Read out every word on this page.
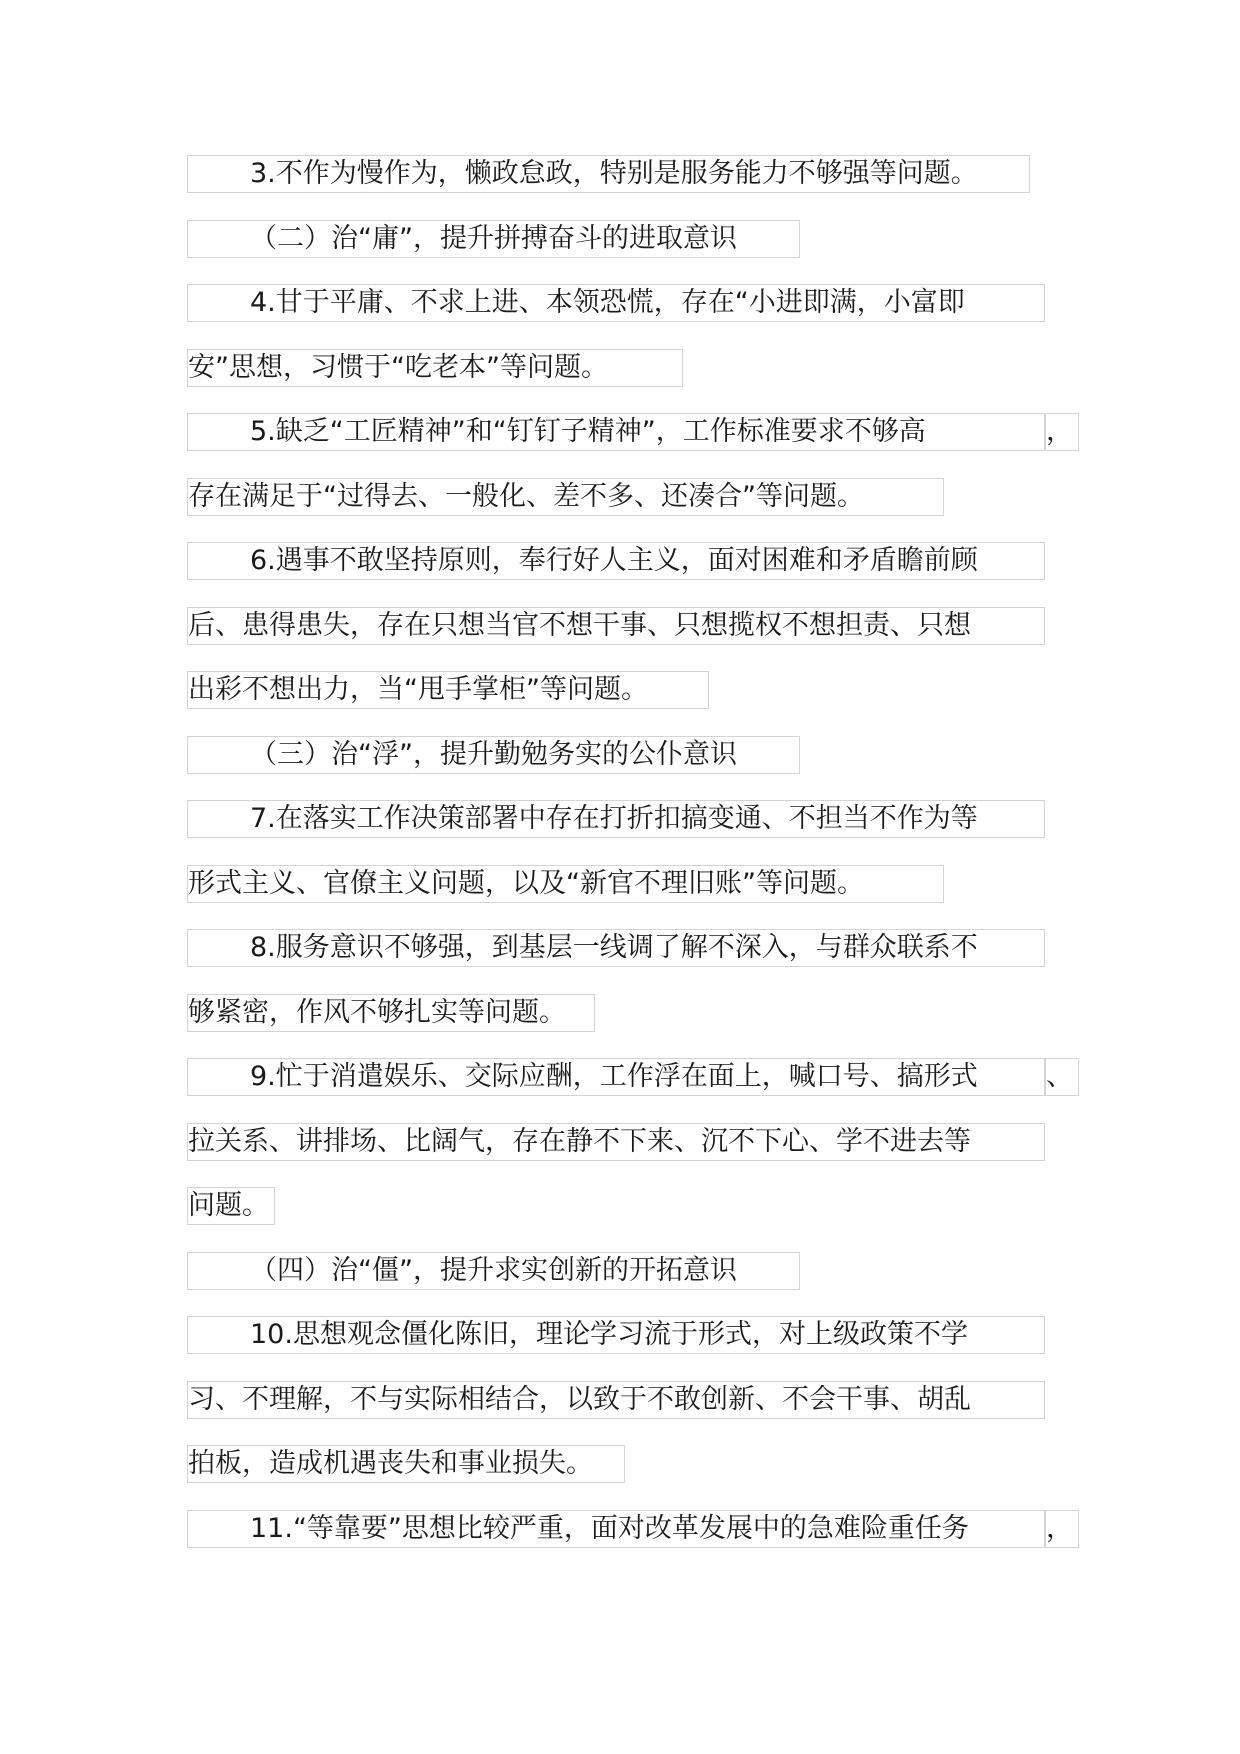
3.不作为慢作为，懒政怠政，特别是服务能力不够强等问题。
（二）治“庸”，提升拼搏奋斗的进取意识
4.甘于平庸、不求上进、本领恐慌，存在“小进即满，小富即
安”思想，习惯于“吃老本”等问题。
5.缺乏“工匠精神”和“钉钉子精神”，工作标准要求不够高	，
存在满足于“过得去、一般化、差不多、还凑合”等问题。
6.遇事不敢坚持原则，奉行好人主义，面对困难和矛盾瞻前顾
后、患得患失，存在只想当官不想干事、只想揽权不想担责、只想
出彩不想出力，当“甩手掌柜”等问题。
（三）治“浮”，提升勤勉务实的公仆意识
7.在落实工作决策部署中存在打折扣搞变通、不担当不作为等
形式主义、官僚主义问题，以及“新官不理旧账”等问题。
8.服务意识不够强，到基层一线调了解不深入，与群众联系不
够紧密，作风不够扎实等问题。
9.忙于消遣娱乐、交际应酬，工作浮在面上，喊口号、搞形式	、
拉关系、讲排场、比阔气，存在静不下来、沉不下心、学不进去等
问题。
（四）治“僵”，提升求实创新的开拓意识
10.思想观念僵化陈旧，理论学习流于形式，对上级政策不学
习、不理解，不与实际相结合，以致于不敢创新、不会干事、胡乱
拍板，造成机遇丧失和事业损失。
11.“等靠要”思想比较严重，面对改革发展中的急难险重任务	，
